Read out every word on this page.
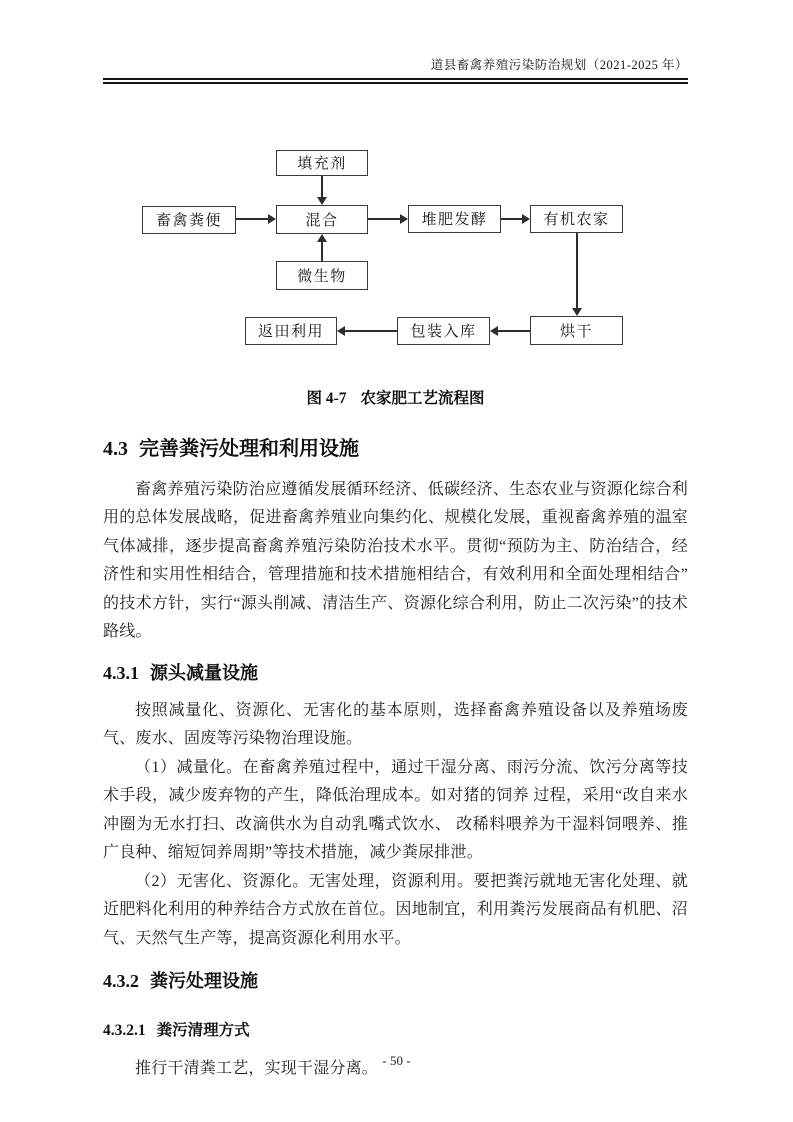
道县畜禽养殖污染防治规划（2021-2025 年）
填充剂
畜禽粪便	混合	堆肥发酵	有机农家
微生物
返田利用	包装入库	烘干
图 4-7 农家肥工艺流程图
4.3 完善粪污处理和利用设施

畜禽养殖污染防治应遵循发展循环经济、低碳经济、生态农业与资源化综合利用的总体发展战略，促进畜禽养殖业向集约化、规模化发展，重视畜禽养殖的温室气体减排，逐步提高畜禽养殖污染防治技术水平。贯彻“预防为主、防治结合，经济性和实用性相结合，管理措施和技术措施相结合，有效利用和全面处理相结合”的技术方针，实行“源头削减、清洁生产、资源化综合利用，防止二次污染”的技术路线。

4.3.1 源头减量设施

按照减量化、资源化、无害化的基本原则，选择畜禽养殖设备以及养殖场废气、废水、固废等污染物治理设施。

（1）减量化。在畜禽养殖过程中，通过干湿分离、雨污分流、饮污分离等技术手段，减少废弃物的产生，降低治理成本。如对猪的饲养 过程，采用“改自来水冲圈为无水打扫、改滴供水为自动乳嘴式饮水、 改稀料喂养为干湿料饲喂养、推广良种、缩短饲养周期”等技术措施，减少粪尿排泄。

（2）无害化、资源化。无害处理，资源利用。要把粪污就地无害化处理、就近肥料化利用的种养结合方式放在首位。因地制宜，利用粪污发展商品有机肥、沼气、天然气生产等，提高资源化利用水平。

4.3.2 粪污处理设施
4.3.2.1 粪污清理方式

推行干清粪工艺，实现干湿分离。 - 50 -
